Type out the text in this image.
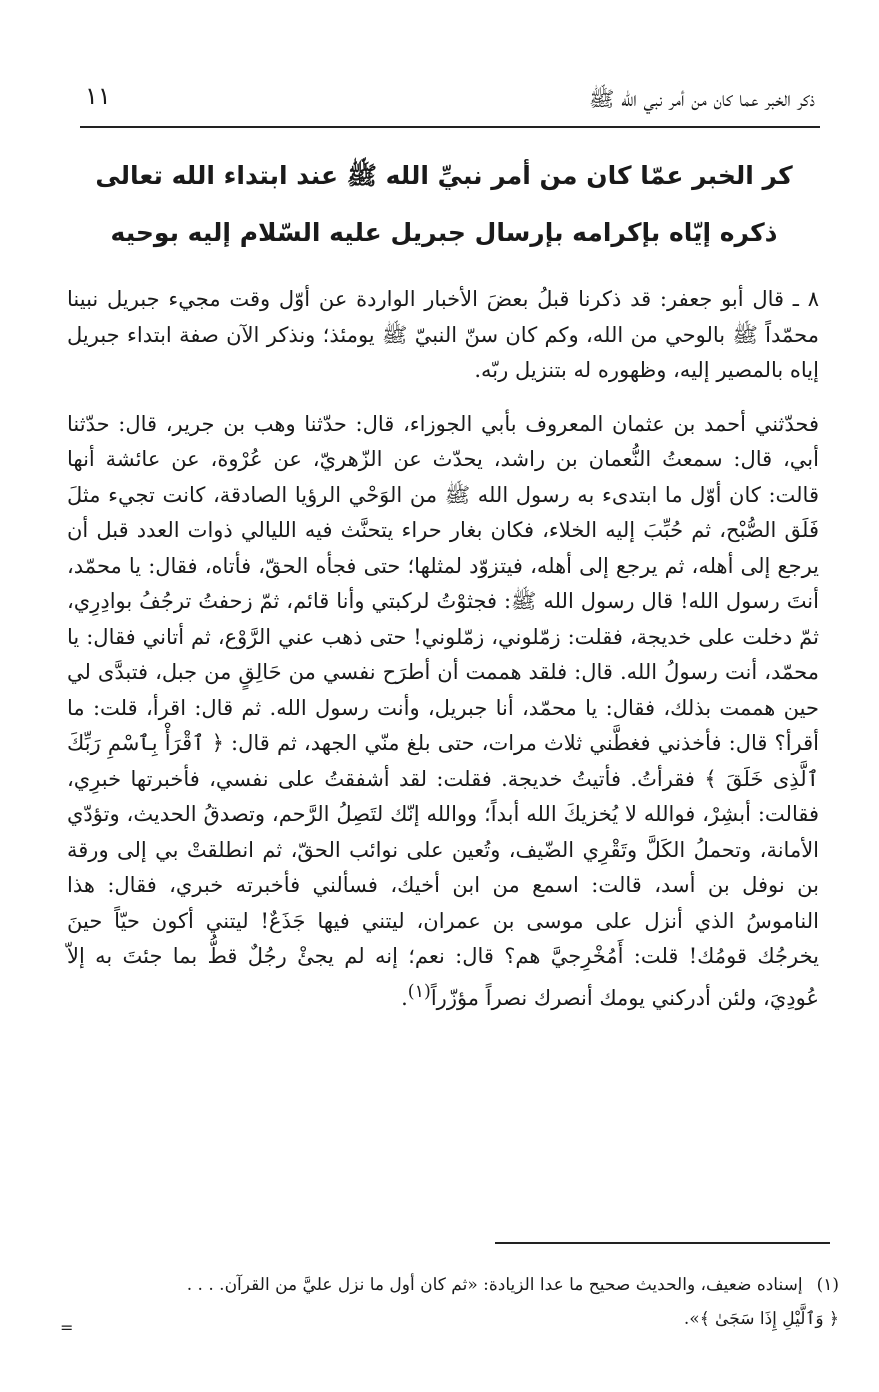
ذكر الخبر عما كان من أمر نبي الله ﷺ
١١
كر الخبر عمّا كان من أمر نبيِّ الله ﷺ عند ابتداء الله تعالى
ذكره إيّاه بإكرامه بإرسال جبريل عليه السّلام إليه بوحيه

٨ ـ قال أبو جعفر: قد ذكرنا قبلُ بعضَ الأخبار الواردة عن أوّل وقت مجيء جبريل نبينا محمّداً ﷺ بالوحي من الله، وكم كان سنّ النبيّ ﷺ يومئذ؛ ونذكر الآن صفة ابتداء جبريل إياه بالمصير إليه، وظهوره له بتنزيل ربّه.

فحدّثني أحمد بن عثمان المعروف بأبي الجوزاء، قال: حدّثنا وهب بن جرير، قال: حدّثنا أبي، قال: سمعتُ النُّعمان بن راشد، يحدّث عن الزّهريّ، عن عُرْوة، عن عائشة أنها قالت: كان أوّل ما ابتدىء به رسول الله ﷺ من الوَحْي الرؤيا الصادقة، كانت تجيء مثلَ فَلَق الصُّبْح، ثم حُبِّبَ إليه الخلاء، فكان بغار حراء يتحنَّث فيه الليالي ذوات العدد قبل أن يرجع إلى أهله، ثم يرجع إلى أهله، فيتزوّد لمثلها؛ حتى فجأه الحقّ، فأتاه، فقال: يا محمّد، أنتَ رسول الله! قال رسول الله ﷺ: فجثوْتُ لركبتي وأنا قائم، ثمّ زحفتُ ترجُفُ بوادِرِي، ثمّ دخلت على خديجة، فقلت: زمّلوني، زمّلوني! حتى ذهب عني الرَّوْع، ثم أتاني فقال: يا محمّد، أنت رسولُ الله. قال: فلقد هممت أن أطرَح نفسي من حَالِقٍ من جبل، فتبدَّى لي حين هممت بذلك، فقال: يا محمّد، أنا جبريل، وأنت رسول الله. ثم قال: اقرأ، قلت: ما أقرأ؟ قال: فأخذني فغطَّني ثلاث مرات، حتى بلغ منّي الجهد، ثم قال: ﴿ ٱقْرَأْ بِٱسْمِ رَبِّكَ ٱلَّذِى خَلَقَ ﴾ فقرأتُ. فأتيتُ خديجة. فقلت: لقد أشفقتُ على نفسي، فأخبرتها خبرِي، فقالت: أبشِرْ، فوالله لا يُخزيكَ الله أبداً؛ ووالله إنّك لتَصِلُ الرَّحم، وتصدقُ الحديث، وتؤدّي الأمانة، وتحملُ الكَلَّ وتَقْرِي الضّيف، وتُعين على نوائب الحقّ، ثم انطلقتْ بي إلى ورقة بن نوفل بن أسد، قالت: اسمع من ابن أخيك، فسألني فأخبرته خبري، فقال: هذا الناموسُ الذي أنزل على موسى بن عمران، ليتني فيها جَذَعٌ! ليتني أكون حيّاً حينَ يخرجُك قومُك! قلت: أَمُخْرِجيَّ هم؟ قال: نعم؛ إنه لم يجئْ رجُلٌ قطُّ بما جئتَ به إلاّ عُودِيَ، ولئن أدركني يومك أنصرك نصراً مؤزّراً$^{(١)}$.

(١)إسناده ضعيف، والحديث صحيح ما عدا الزيادة: «ثم كان أول ما نزل عليَّ من القرآن. . . .
﴿ وَٱلَّيْلِ إِذَا سَجَىٰ ﴾».
=
